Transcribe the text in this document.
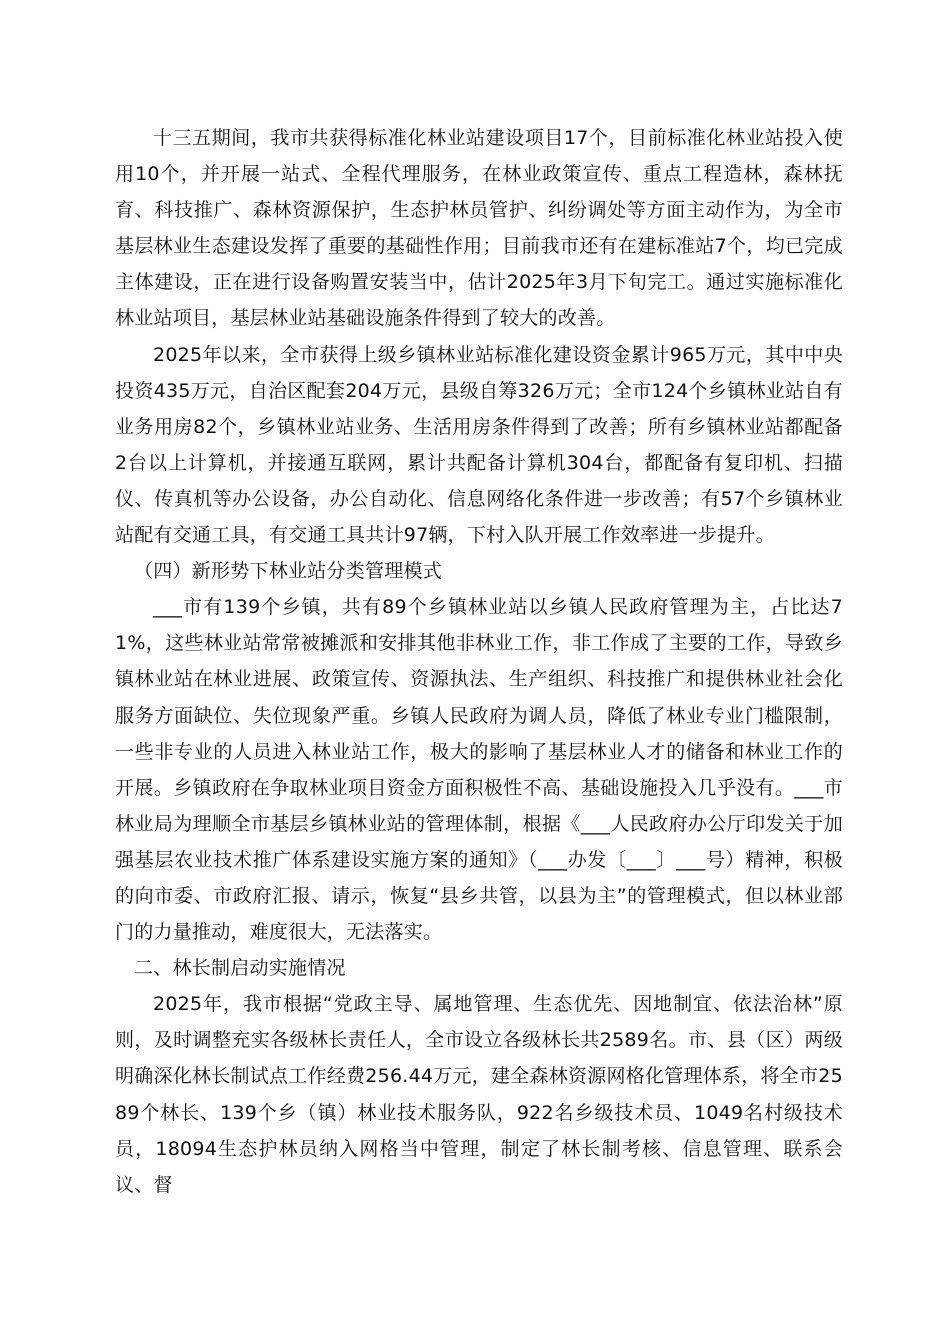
十三五期间，我市共获得标准化林业站建设项目17个，目前标准化林业站投入使用10个，并开展一站式、全程代理服务，在林业政策宣传、重点工程造林，森林抚育、科技推广、森林资源保护，生态护林员管护、纠纷调处等方面主动作为，为全市基层林业生态建设发挥了重要的基础性作用；目前我市还有在建标准站7个，均已完成主体建设，正在进行设备购置安装当中，估计2025年3月下旬完工。通过实施标准化林业站项目，基层林业站基础设施条件得到了较大的改善。

2025年以来，全市获得上级乡镇林业站标准化建设资金累计965万元，其中中央投资435万元，自治区配套204万元，县级自筹326万元；全市124个乡镇林业站自有业务用房82个，乡镇林业站业务、生活用房条件得到了改善；所有乡镇林业站都配备2台以上计算机，并接通互联网，累计共配备计算机304台，都配备有复印机、扫描仪、传真机等办公设备，办公自动化、信息网络化条件进一步改善；有57个乡镇林业站配有交通工具，有交通工具共计97辆，下村入队开展工作效率进一步提升。

（四）新形势下林业站分类管理模式

___市有139个乡镇，共有89个乡镇林业站以乡镇人民政府管理为主，占比达71%，这些林业站常常被摊派和安排其他非林业工作，非工作成了主要的工作，导致乡镇林业站在林业进展、政策宣传、资源执法、生产组织、科技推广和提供林业社会化服务方面缺位、失位现象严重。乡镇人民政府为调人员，降低了林业专业门槛限制，一些非专业的人员进入林业站工作，极大的影响了基层林业人才的储备和林业工作的开展。乡镇政府在争取林业项目资金方面积极性不高、基础设施投入几乎没有。___市林业局为理顺全市基层乡镇林业站的管理体制，根据《___人民政府办公厅印发关于加强基层农业技术推广体系建设实施方案的通知》（___办发〔___〕___号）精神，积极的向市委、市政府汇报、请示，恢复“县乡共管，以县为主”的管理模式，但以林业部门的力量推动，难度很大，无法落实。

二、林长制启动实施情况

2025年，我市根据“党政主导、属地管理、生态优先、因地制宜、依法治林”原则，及时调整充实各级林长责任人，全市设立各级林长共2589名。市、县（区）两级明确深化林长制试点工作经费256.44万元，建全森林资源网格化管理体系，将全市2589个林长、139个乡（镇）林业技术服务队，922名乡级技术员、1049名村级技术员，18094生态护林员纳入网格当中管理，制定了林长制考核、信息管理、联系会议、督
